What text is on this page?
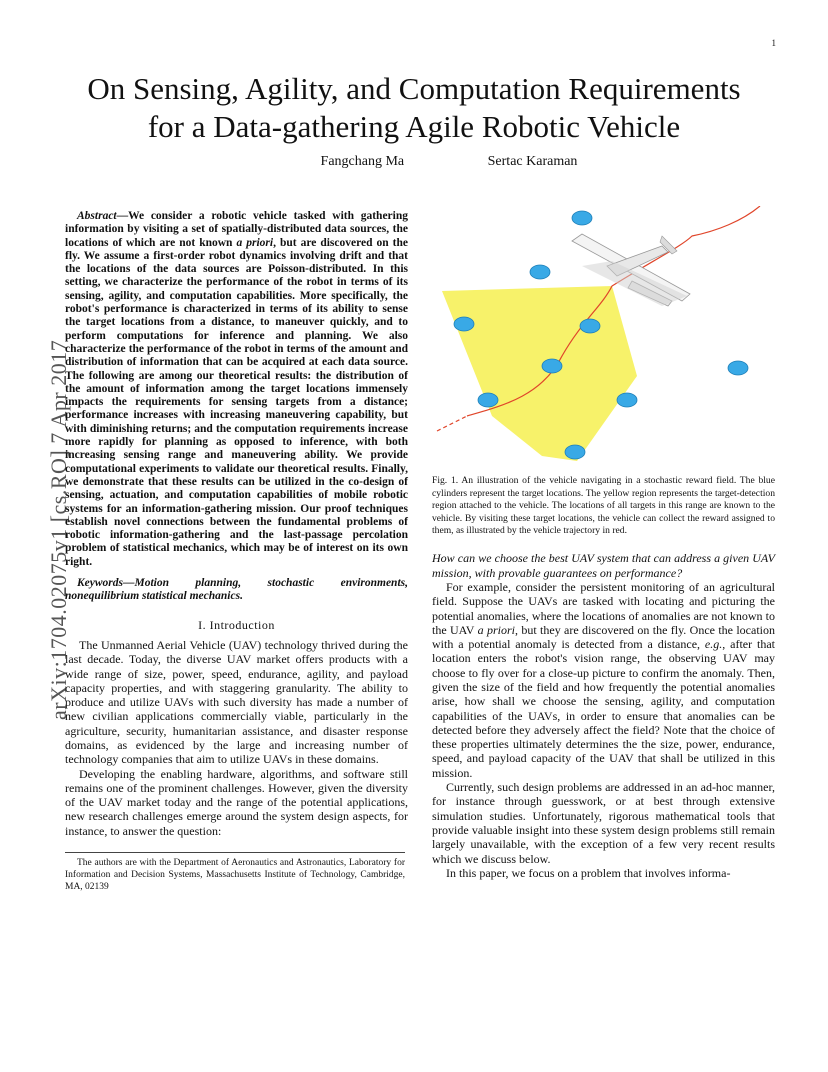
1
On Sensing, Agility, and Computation Requirements
for a Data-gathering Agile Robotic Vehicle
Fangchang Ma	Sertac Karaman
arXiv:1704.02075v1 [cs.RO] 7 Apr 2017
Abstract—We consider a robotic vehicle tasked with gathering information by visiting a set of spatially-distributed data sources, the locations of which are not known a priori, but are discovered on the fly. We assume a first-order robot dynamics involving drift and that the locations of the data sources are Poisson-distributed. In this setting, we characterize the performance of the robot in terms of its sensing, agility, and computation capabilities. More specifically, the robot's performance is characterized in terms of its ability to sense the target locations from a distance, to maneuver quickly, and to perform computations for inference and planning. We also characterize the performance of the robot in terms of the amount and distribution of information that can be acquired at each data source. The following are among our theoretical results: the distribution of the amount of information among the target locations immensely impacts the requirements for sensing targets from a distance; performance increases with increasing maneuvering capability, but with diminishing returns; and the computation requirements increase more rapidly for planning as opposed to inference, with both increasing sensing range and maneuvering ability. We provide computational experiments to validate our theoretical results. Finally, we demonstrate that these results can be utilized in the co-design of sensing, actuation, and computation capabilities of mobile robotic systems for an information-gathering mission. Our proof techniques establish novel connections between the fundamental problems of robotic information-gathering and the last-passage percolation problem of statistical mechanics, which may be of interest on its own right.
Keywords—Motion planning, stochastic environments, nonequilibrium statistical mechanics.
I. Introduction

The Unmanned Aerial Vehicle (UAV) technology thrived during the last decade. Today, the diverse UAV market offers products with a wide range of size, power, speed, endurance, agility, and payload capacity properties, and with staggering granularity. The ability to produce and utilize UAVs with such diversity has made a number of new civilian applications commercially viable, particularly in the agriculture, security, humanitarian assistance, and disaster response domains, as evidenced by the large and increasing number of technology companies that aim to utilize UAVs in these domains.

Developing the enabling hardware, algorithms, and software still remains one of the prominent challenges. However, given the diversity of the UAV market today and the range of the potential applications, new research challenges emerge around the system design aspects, for instance, to answer the question:

The authors are with the Department of Aeronautics and Astronautics, Laboratory for Information and Decision Systems, Massachusetts Institute of Technology, Cambridge, MA, 02139
Fig. 1. An illustration of the vehicle navigating in a stochastic reward field. The blue cylinders represent the target locations. The yellow region represents the target-detection region attached to the vehicle. The locations of all targets in this range are known to the vehicle. By visiting these target locations, the vehicle can collect the reward assigned to them, as illustrated by the vehicle trajectory in red.

How can we choose the best UAV system that can address a given UAV mission, with provable guarantees on performance?

For example, consider the persistent monitoring of an agricultural field. Suppose the UAVs are tasked with locating and picturing the potential anomalies, where the locations of anomalies are not known to the UAV a priori, but they are discovered on the fly. Once the location with a potential anomaly is detected from a distance, e.g., after that location enters the robot's vision range, the observing UAV may choose to fly over for a close-up picture to confirm the anomaly. Then, given the size of the field and how frequently the potential anomalies arise, how shall we choose the sensing, agility, and computation capabilities of the UAVs, in order to ensure that anomalies can be detected before they adversely affect the field? Note that the choice of these properties ultimately determines the the size, power, endurance, speed, and payload capacity of the UAV that shall be utilized in this mission.

Currently, such design problems are addressed in an ad-hoc manner, for instance through guesswork, or at best through extensive simulation studies. Unfortunately, rigorous mathematical tools that provide valuable insight into these system design problems still remain largely unavailable, with the exception of a few very recent results which we discuss below.

In this paper, we focus on a problem that involves informa-
